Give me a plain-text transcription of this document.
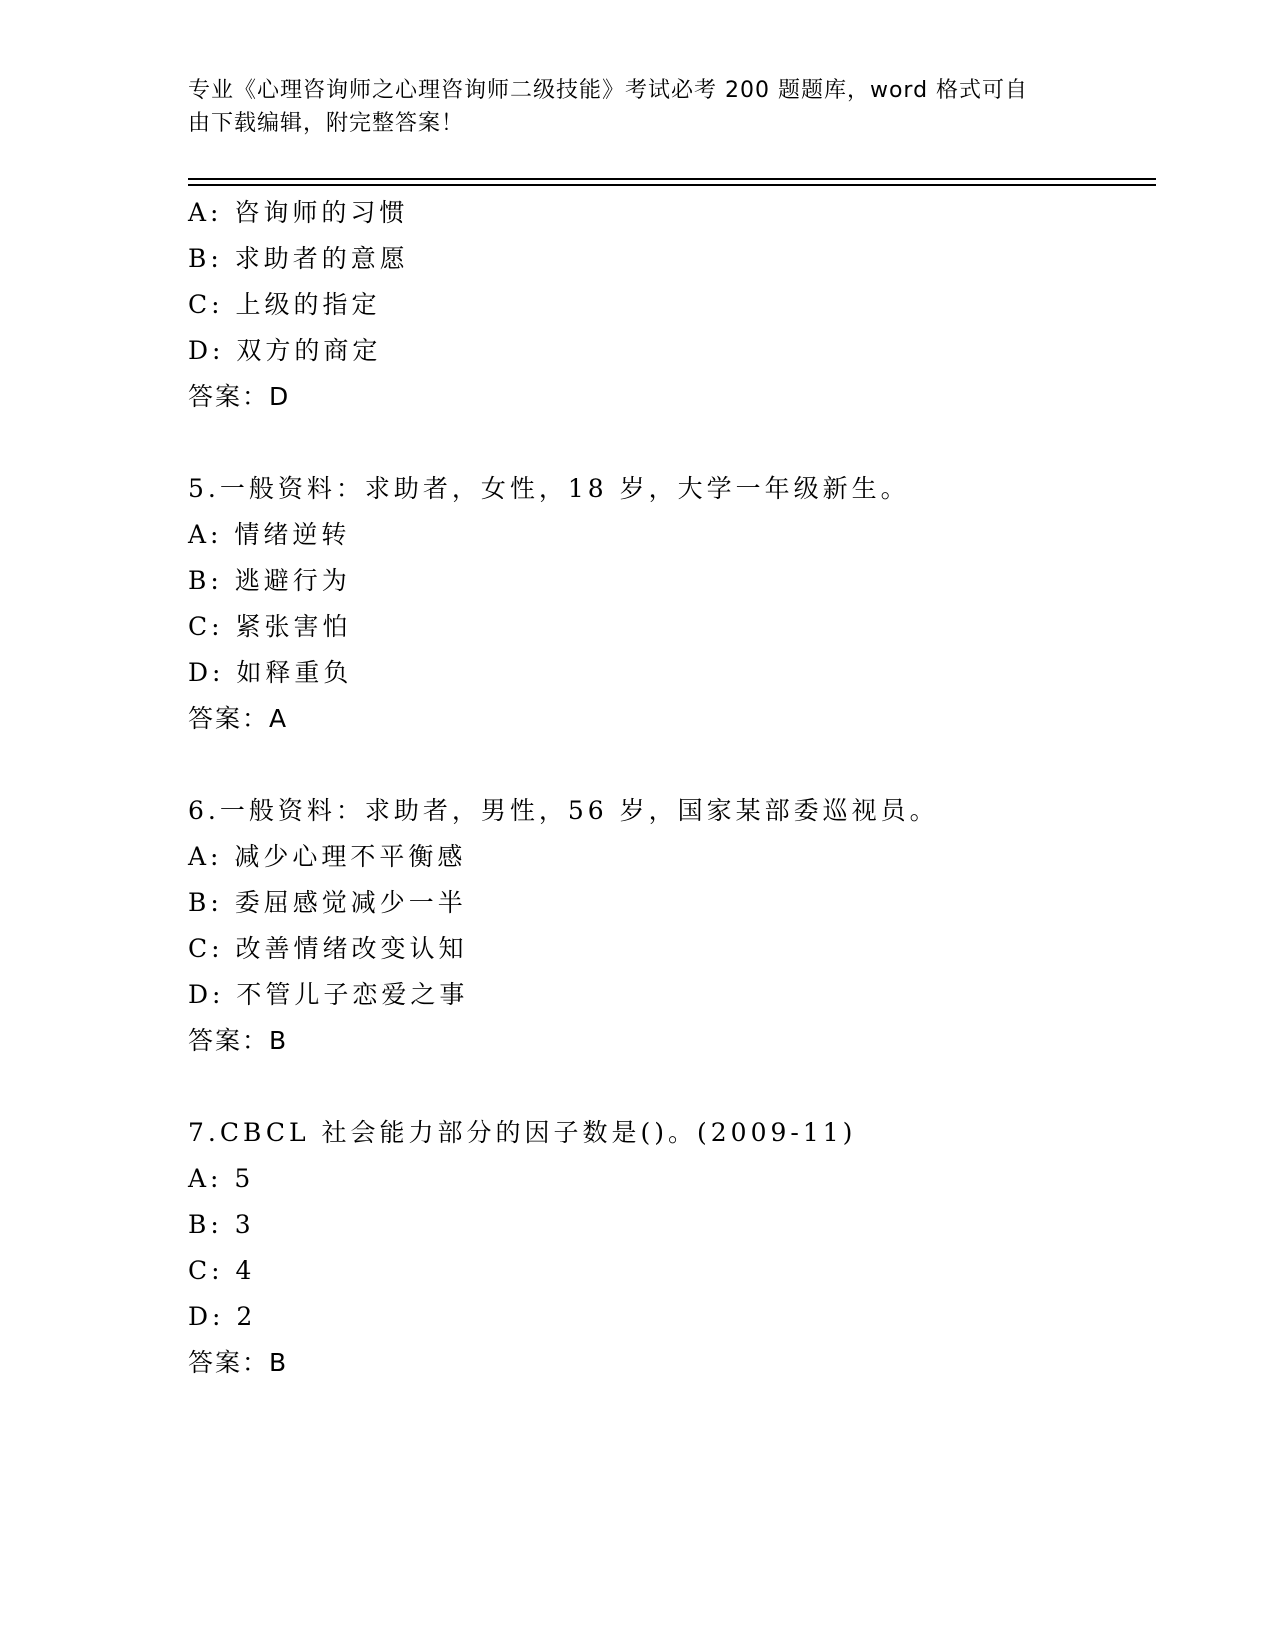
专业《心理咨询师之心理咨询师二级技能》考试必考 200 题题库，word 格式可自
由下载编辑，附完整答案！
A: 咨询师的习惯
B: 求助者的意愿
C: 上级的指定
D: 双方的商定
答案：D
5.一般资料：求助者，女性，18 岁，大学一年级新生。
A: 情绪逆转
B: 逃避行为
C: 紧张害怕
D: 如释重负
答案：A
6.一般资料：求助者，男性，56 岁，国家某部委巡视员。
A: 减少心理不平衡感
B: 委屈感觉减少一半
C: 改善情绪改变认知
D: 不管儿子恋爱之事
答案：B
7.CBCL 社会能力部分的因子数是()。(2009-11)
A: 5
B: 3
C: 4
D: 2
答案：B
